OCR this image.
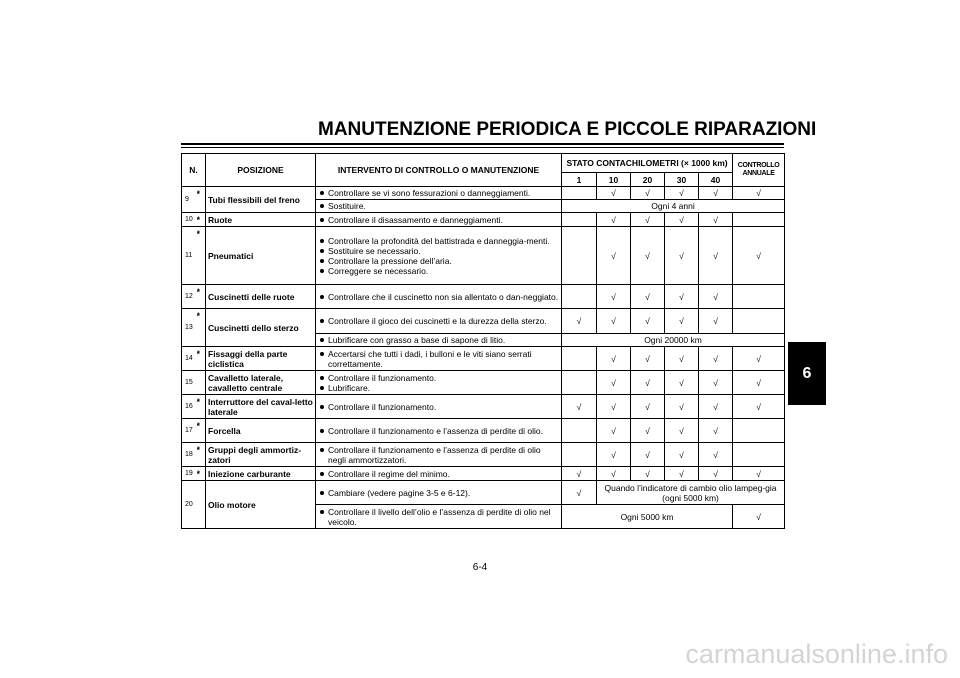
MANUTENZIONE PERIODICA E PICCOLE RIPARAZIONI
N.		POSIZIONE	INTERVENTO DI CONTROLLO O MANUTENZIONE	STATO CONTACHILOMETRI (× 1000 km)					CONTROLLO
ANNUALE
				1	10	20	30	40	
9	*	Tubi flessibili del freno	Controllare se vi sono fessurazioni o danneggiamenti.		√	√	√	√	√

			Sostituire.	Ogni 4 anni					
10	*	Ruote	Controllare il disassamento e danneggiamenti.		√	√	√	√	
11	*	Pneumatici	Controllare la profondità del battistrada e danneggia-menti.
Sostituire se necessario.
Controllare la pressione dell’aria.
Correggere se necessario.		√	√	√	√	√
12	*	Cuscinetti delle ruote	Controllare che il cuscinetto non sia allentato o dan-neggiato.		√	√	√	√	
13	*	Cuscinetti dello sterzo	Controllare il gioco dei cuscinetti e la durezza della sterzo.	√	√	√	√	√	

			Lubrificare con grasso a base di sapone di litio.	Ogni 20000 km					
14	*	Fissaggi della parte ciclistica	Accertarsi che tutti i dadi, i bulloni e le viti siano serrati correttamente.		√	√	√	√	√
15		Cavalletto laterale, cavalletto centrale	Controllare il funzionamento.
Lubrificare.		√	√	√	√	√
16	*	Interruttore del caval-letto laterale	Controllare il funzionamento.	√	√	√	√	√	√
17	*	Forcella	Controllare il funzionamento e l’assenza di perdite di olio.		√	√	√	√	
18	*	Gruppi degli ammortiz-zatori	Controllare il funzionamento e l’assenza di perdite di olio negli ammortizzatori.		√	√	√	√	
19	*	Iniezione carburante	Controllare il regime del minimo.	√	√	√	√	√	√
20		Olio motore	Cambiare (vedere pagine 3-5 e 6-12).	√	Quando l’indicatore di cambio olio lampeg-gia (ogni 5000 km)				

			Controllare il livello dell’olio e l’assenza di perdite di olio nel veicolo.	Ogni 5000 km					√
6
6-4
carmanualsonline.info
